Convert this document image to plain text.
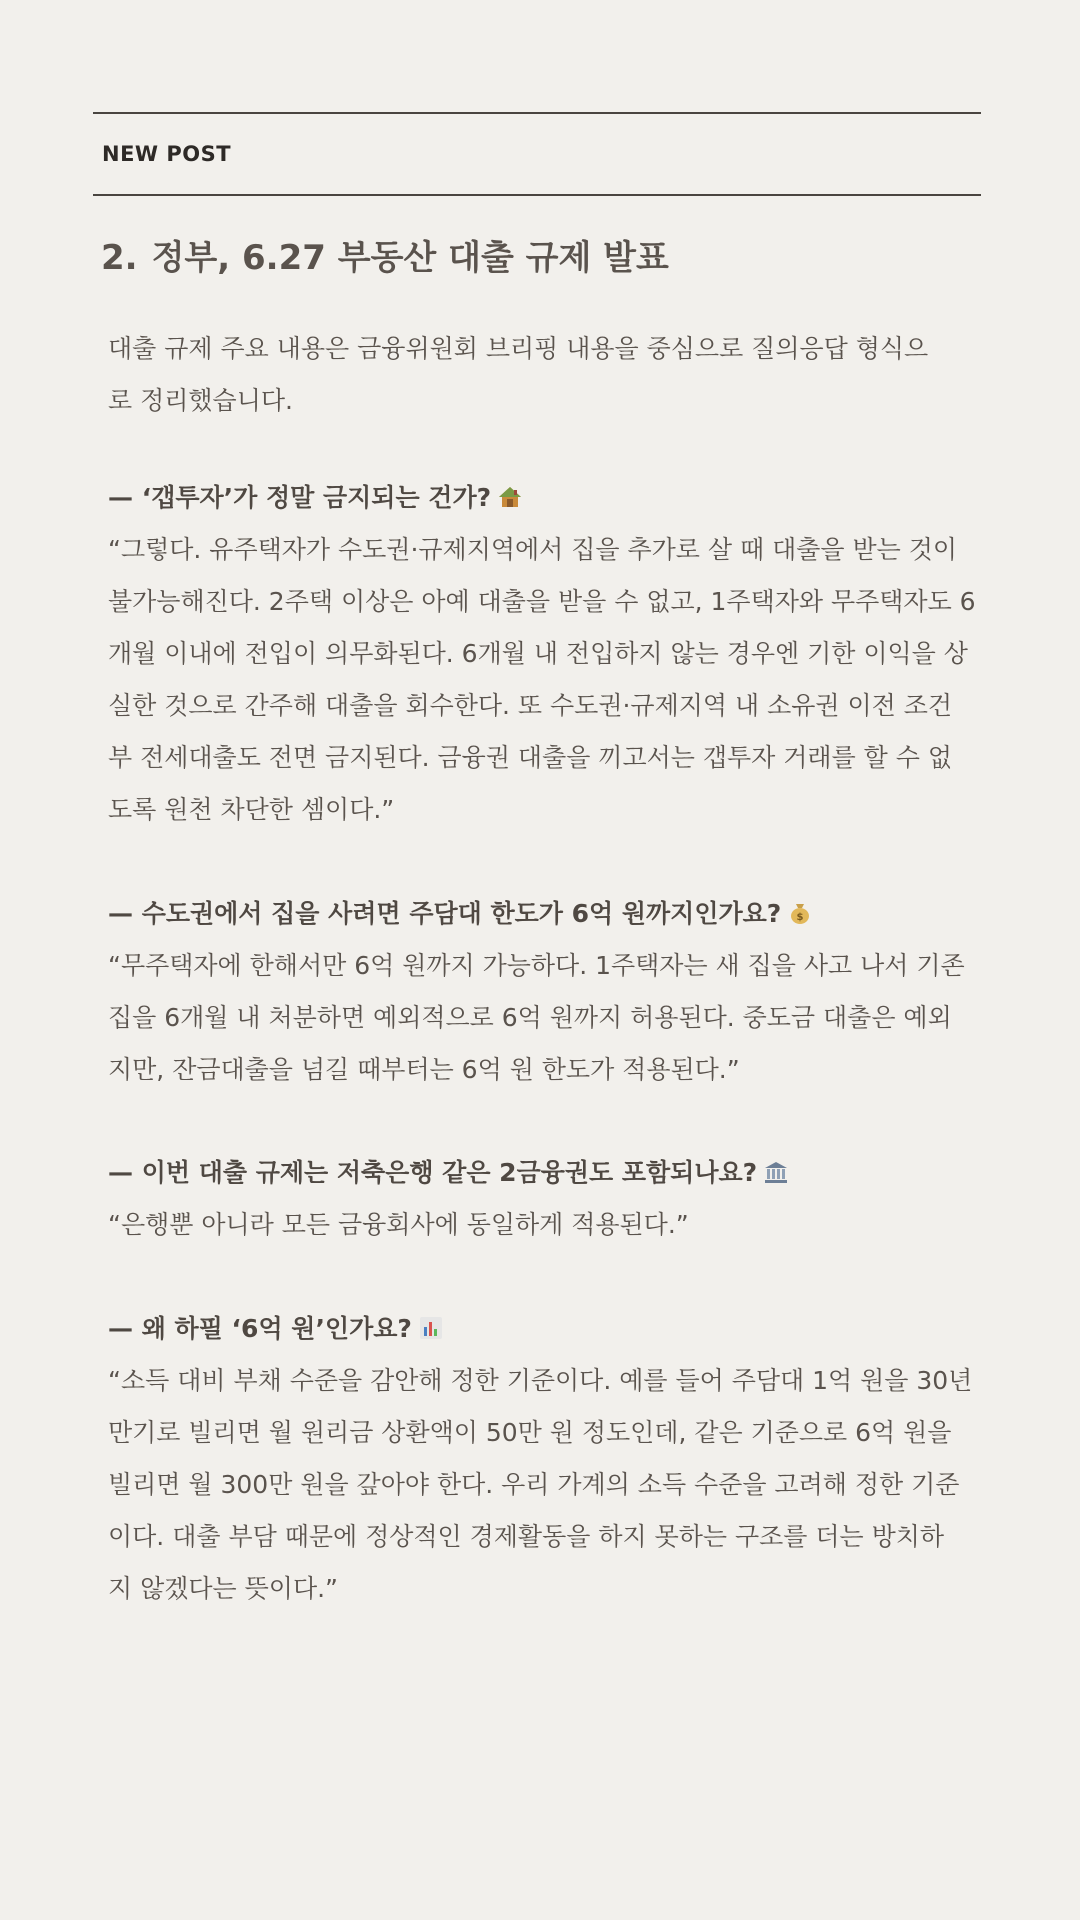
NEW POST
2. 정부, 6.27 부동산 대출 규제 발표
대출 규제 주요 내용은 금융위원회 브리핑 내용을 중심으로 질의응답 형식으
로 정리했습니다.
— ‘갭투자’가 정말 금지되는 건가?
“그렇다. 유주택자가 수도권·규제지역에서 집을 추가로 살 때 대출을 받는 것이
불가능해진다. 2주택 이상은 아예 대출을 받을 수 없고, 1주택자와 무주택자도 6
개월 이내에 전입이 의무화된다. 6개월 내 전입하지 않는 경우엔 기한 이익을 상
실한 것으로 간주해 대출을 회수한다. 또 수도권·규제지역 내 소유권 이전 조건
부 전세대출도 전면 금지된다. 금융권 대출을 끼고서는 갭투자 거래를 할 수 없
도록 원천 차단한 셈이다.”
— 수도권에서 집을 사려면 주담대 한도가 6억 원까지인가요? $
“무주택자에 한해서만 6억 원까지 가능하다. 1주택자는 새 집을 사고 나서 기존
집을 6개월 내 처분하면 예외적으로 6억 원까지 허용된다. 중도금 대출은 예외
지만, 잔금대출을 넘길 때부터는 6억 원 한도가 적용된다.”
— 이번 대출 규제는 저축은행 같은 2금융권도 포함되나요?
“은행뿐 아니라 모든 금융회사에 동일하게 적용된다.”
— 왜 하필 ‘6억 원’인가요?
“소득 대비 부채 수준을 감안해 정한 기준이다. 예를 들어 주담대 1억 원을 30년
만기로 빌리면 월 원리금 상환액이 50만 원 정도인데, 같은 기준으로 6억 원을
빌리면 월 300만 원을 갚아야 한다. 우리 가계의 소득 수준을 고려해 정한 기준
이다. 대출 부담 때문에 정상적인 경제활동을 하지 못하는 구조를 더는 방치하
지 않겠다는 뜻이다.”
